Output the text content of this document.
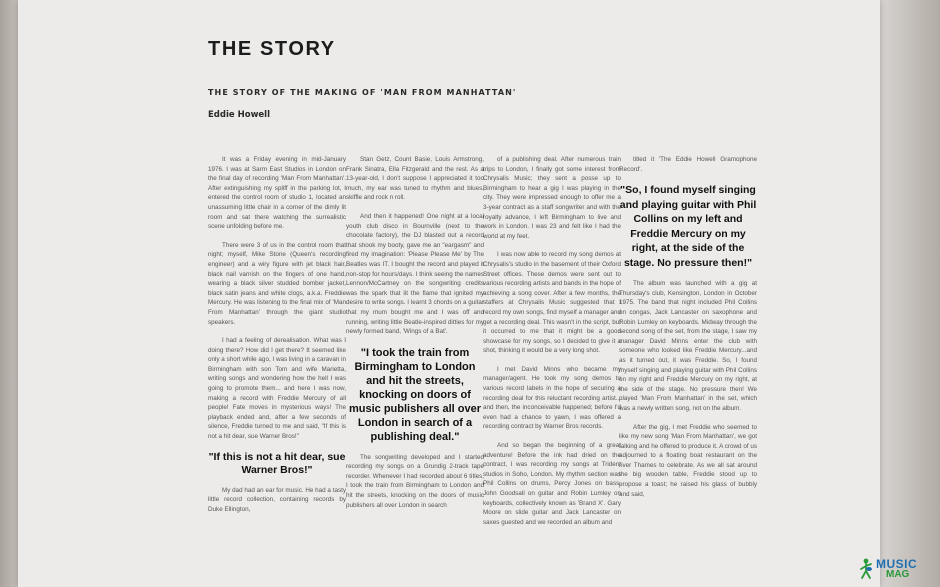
THE STORY
THE STORY OF THE MAKING OF 'MAN FROM MANHATTAN'
Eddie Howell

It was a Friday evening in mid-January 1976. I was at Sarm East Studios in London on the final day of recording 'Man From Manhattan'. After extinguishing my spliff in the parking lot, I entered the control room of studio 1, located an unassuming little chair in a corner of the dimly lit room and sat there watching the surrealistic scene unfolding before me.

There were 3 of us in the control room that night; myself, Mike Stone (Queen's recording engineer) and a wiry figure with jet black hair, black nail varnish on the fingers of one hand, wearing a black silver studded bomber jacket, black satin jeans and white clogs, a.k.a. Freddie Mercury. He was listening to the final mix of 'Man From Manhattan' through the giant studio speakers.

I had a feeling of derealisation. What was I doing there? How did I get there? It seemed like only a short while ago, I was living in a caravan in Birmingham with son Tom and wife Marietta, writing songs and wondering how the hell I was going to promote them... and here I was now, making a record with Freddie Mercury of all people! Fate moves in mysterious ways! The playback ended and, after a few seconds of silence, Freddie turned to me and said, "If this is not a hit dear, sue Warner Bros!"

"If this is not a hit dear, sue Warner Bros!"

My dad had an ear for music. He had a tasty little record collection, containing records by Duke Ellington,

Stan Getz, Count Basie, Louis Armstrong, Frank Sinatra, Ella Fitzgerald and the rest. As a 13-year-old, I don't suppose I appreciated it too much, my ear was tuned to rhythm and blues, skiffle and rock n roll.

And then it happened! One night at a local youth club disco in Bournville (next to the chocolate factory), the DJ blasted out a record that shook my booty, gave me an "eargasm" and fired my imagination: 'Please Please Me' by The Beatles was IT. I bought the record and played it non-stop for hours/days. I think seeing the names Lennon/McCartney on the songwriting credits was the spark that lit the flame that ignited my desire to write songs. I learnt 3 chords on a guitar that my mum bought me and I was off and running, writing little Beatle-inspired ditties for my newly formed band, 'Wings of a Bat'.

"I took the train from Birmingham to London and hit the streets, knocking on doors of music publishers all over London in search of a publishing deal."

The songwriting developed and I started recording my songs on a Grundig 2-track tape recorder. Whenever I had recorded about 6 titles, I took the train from Birmingham to London and hit the streets, knocking on the doors of music publishers all over London in search

of a publishing deal. After numerous train trips to London, I finally got some interest from Chrysalis Music; they sent a posse up to Birmingham to hear a gig I was playing in the city. They were impressed enough to offer me a 3-year contract as a staff songwriter and with the royalty advance, I left Birmingham to live and work in London. I was 23 and felt like I had the world at my feet.

I was now able to record my song demos at Chrysalis's studio in the basement of their Oxford Street offices. These demos were sent out to various recording artists and bands in the hope of achieving a song cover. After a few months, the staffers at Chrysalis Music suggested that I record my own songs, find myself a manager and get a recording deal. This wasn't in the script, but it occurred to me that it might be a good showcase for my songs, so I decided to give it a shot, thinking it would be a very long shot.

I met David Minns who became my manager/agent. He took my song demos to various record labels in the hope of securing a recording deal for this reluctant recording artist... and then, the inconceivable happened; before I'd even had a chance to yawn, I was offered a recording contract by Warner Bros records.

And so began the beginning of a great adventure! Before the ink had dried on the contract, I was recording my songs at Trident studios in Soho, London. My rhythm section was Phil Collins on drums, Percy Jones on bass, John Goodsall on guitar and Robin Lumley on keyboards, collectively known as 'Brand X'. Gary Moore on slide guitar and Jack Lancaster on saxes guested and we recorded an album and

titled it 'The Eddie Howell Gramophone Record'.

"So, I found myself singing and playing guitar with Phil Collins on my left and Freddie Mercury on my right, at the side of the stage. No pressure then!"

The album was launched with a gig at Thursday's club, Kensington, London in October 1975. The band that night included Phil Collins on congas, Jack Lancaster on saxophone and Robin Lumley on keyboards. Midway through the second song of the set, from the stage, I saw my manager David Minns enter the club with someone who looked like Freddie Mercury...and as it turned out, it was Freddie. So, I found myself singing and playing guitar with Phil Collins on my right and Freddie Mercury on my right, at the side of the stage. No pressure then! We played 'Man From Manhattan' in the set, which was a newly written song, not on the album.

After the gig, I met Freddie who seemed to like my new song 'Man From Manhattan', we got talking and he offered to produce it. A crowd of us adjourned to a floating boat restaurant on the river Thames to celebrate. As we all sat around the big wooden table, Freddie stood up to propose a toast; he raised his glass of bubbly and said,

MUSIC
MAG
